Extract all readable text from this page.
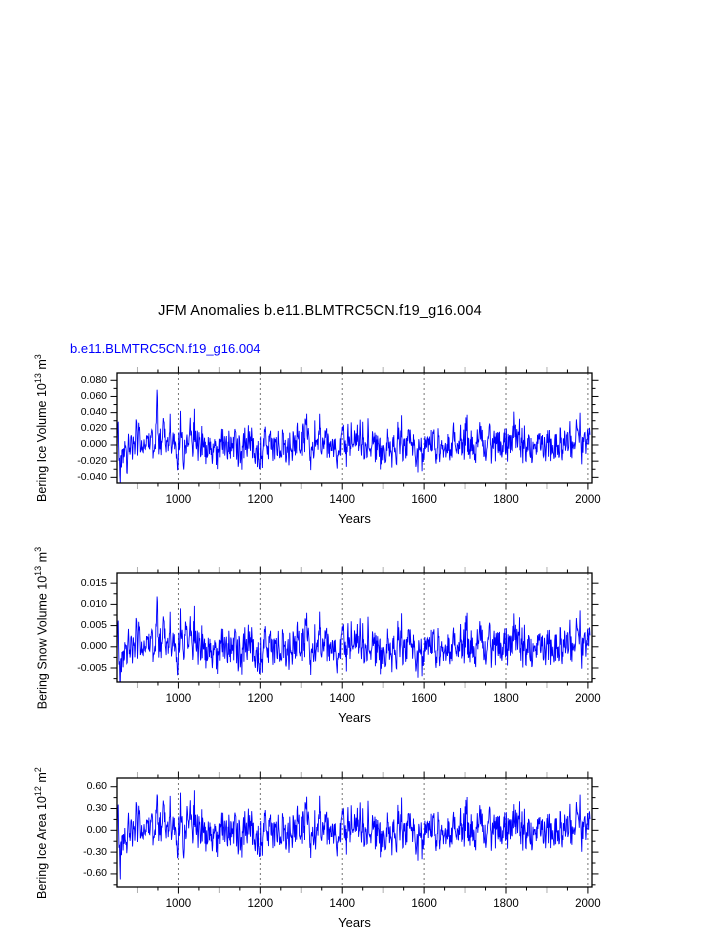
JFM Anomalies b.e11.BLMTRC5CN.f19_g16.004
b.e11.BLMTRC5CN.f19_g16.004
0.080
0.060
0.040
0.020
0.000
-0.020
-0.040
1000	1200	1400	1600	1800	2000
Years
0.015
0.010
0.005
0.000
-0.005
1000	1200	1400	1600	1800	2000
Years
0.60
0.30
0.00
-0.30
-0.60
1000	1200	1400	1600	1800	2000
Years
Bering Ice Volume $10^{13}$ $m^3$
Bering Snow Volume $10^{13}$ $m^3$
Bering Ice Area $10^{12}$ $m^2$
